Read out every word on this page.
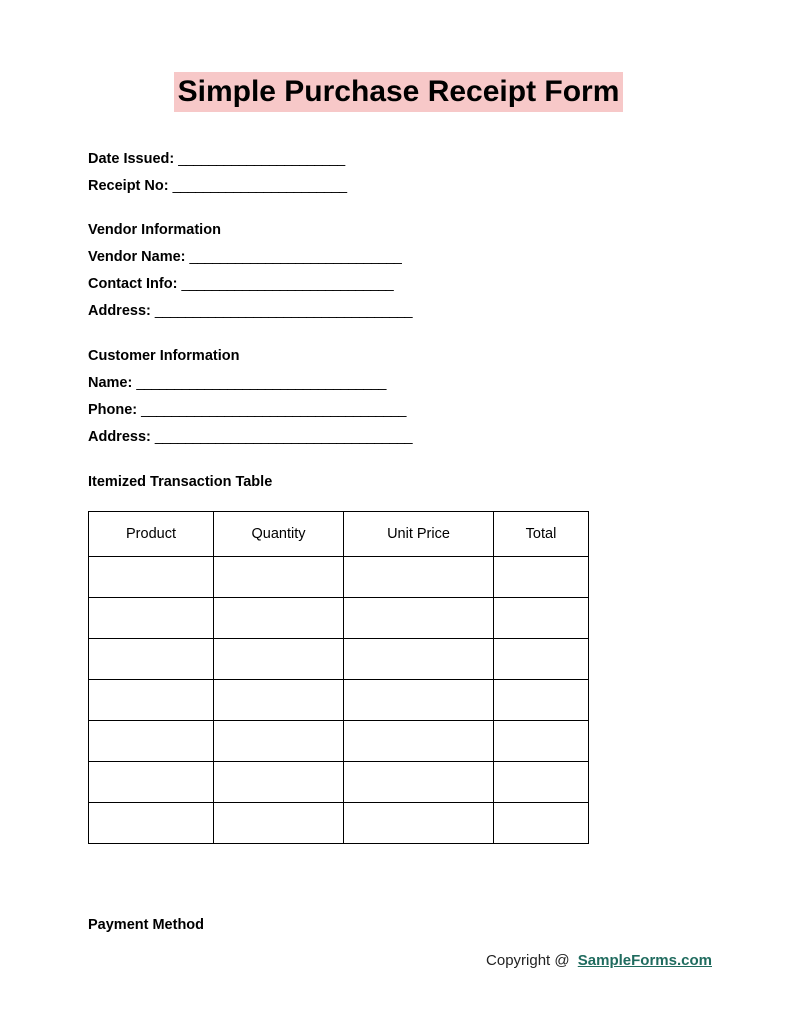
Simple Purchase Receipt Form
Date Issued: ______________________
Receipt No: _______________________
Vendor Information
Vendor Name: ____________________________
Contact Info: ____________________________
Address: __________________________________
Customer Information
Name: _________________________________
Phone: ___________________________________
Address: __________________________________
Itemized Transaction Table
Product	Quantity	Unit Price	Total

Payment Method
Copyright @ SampleForms.com
